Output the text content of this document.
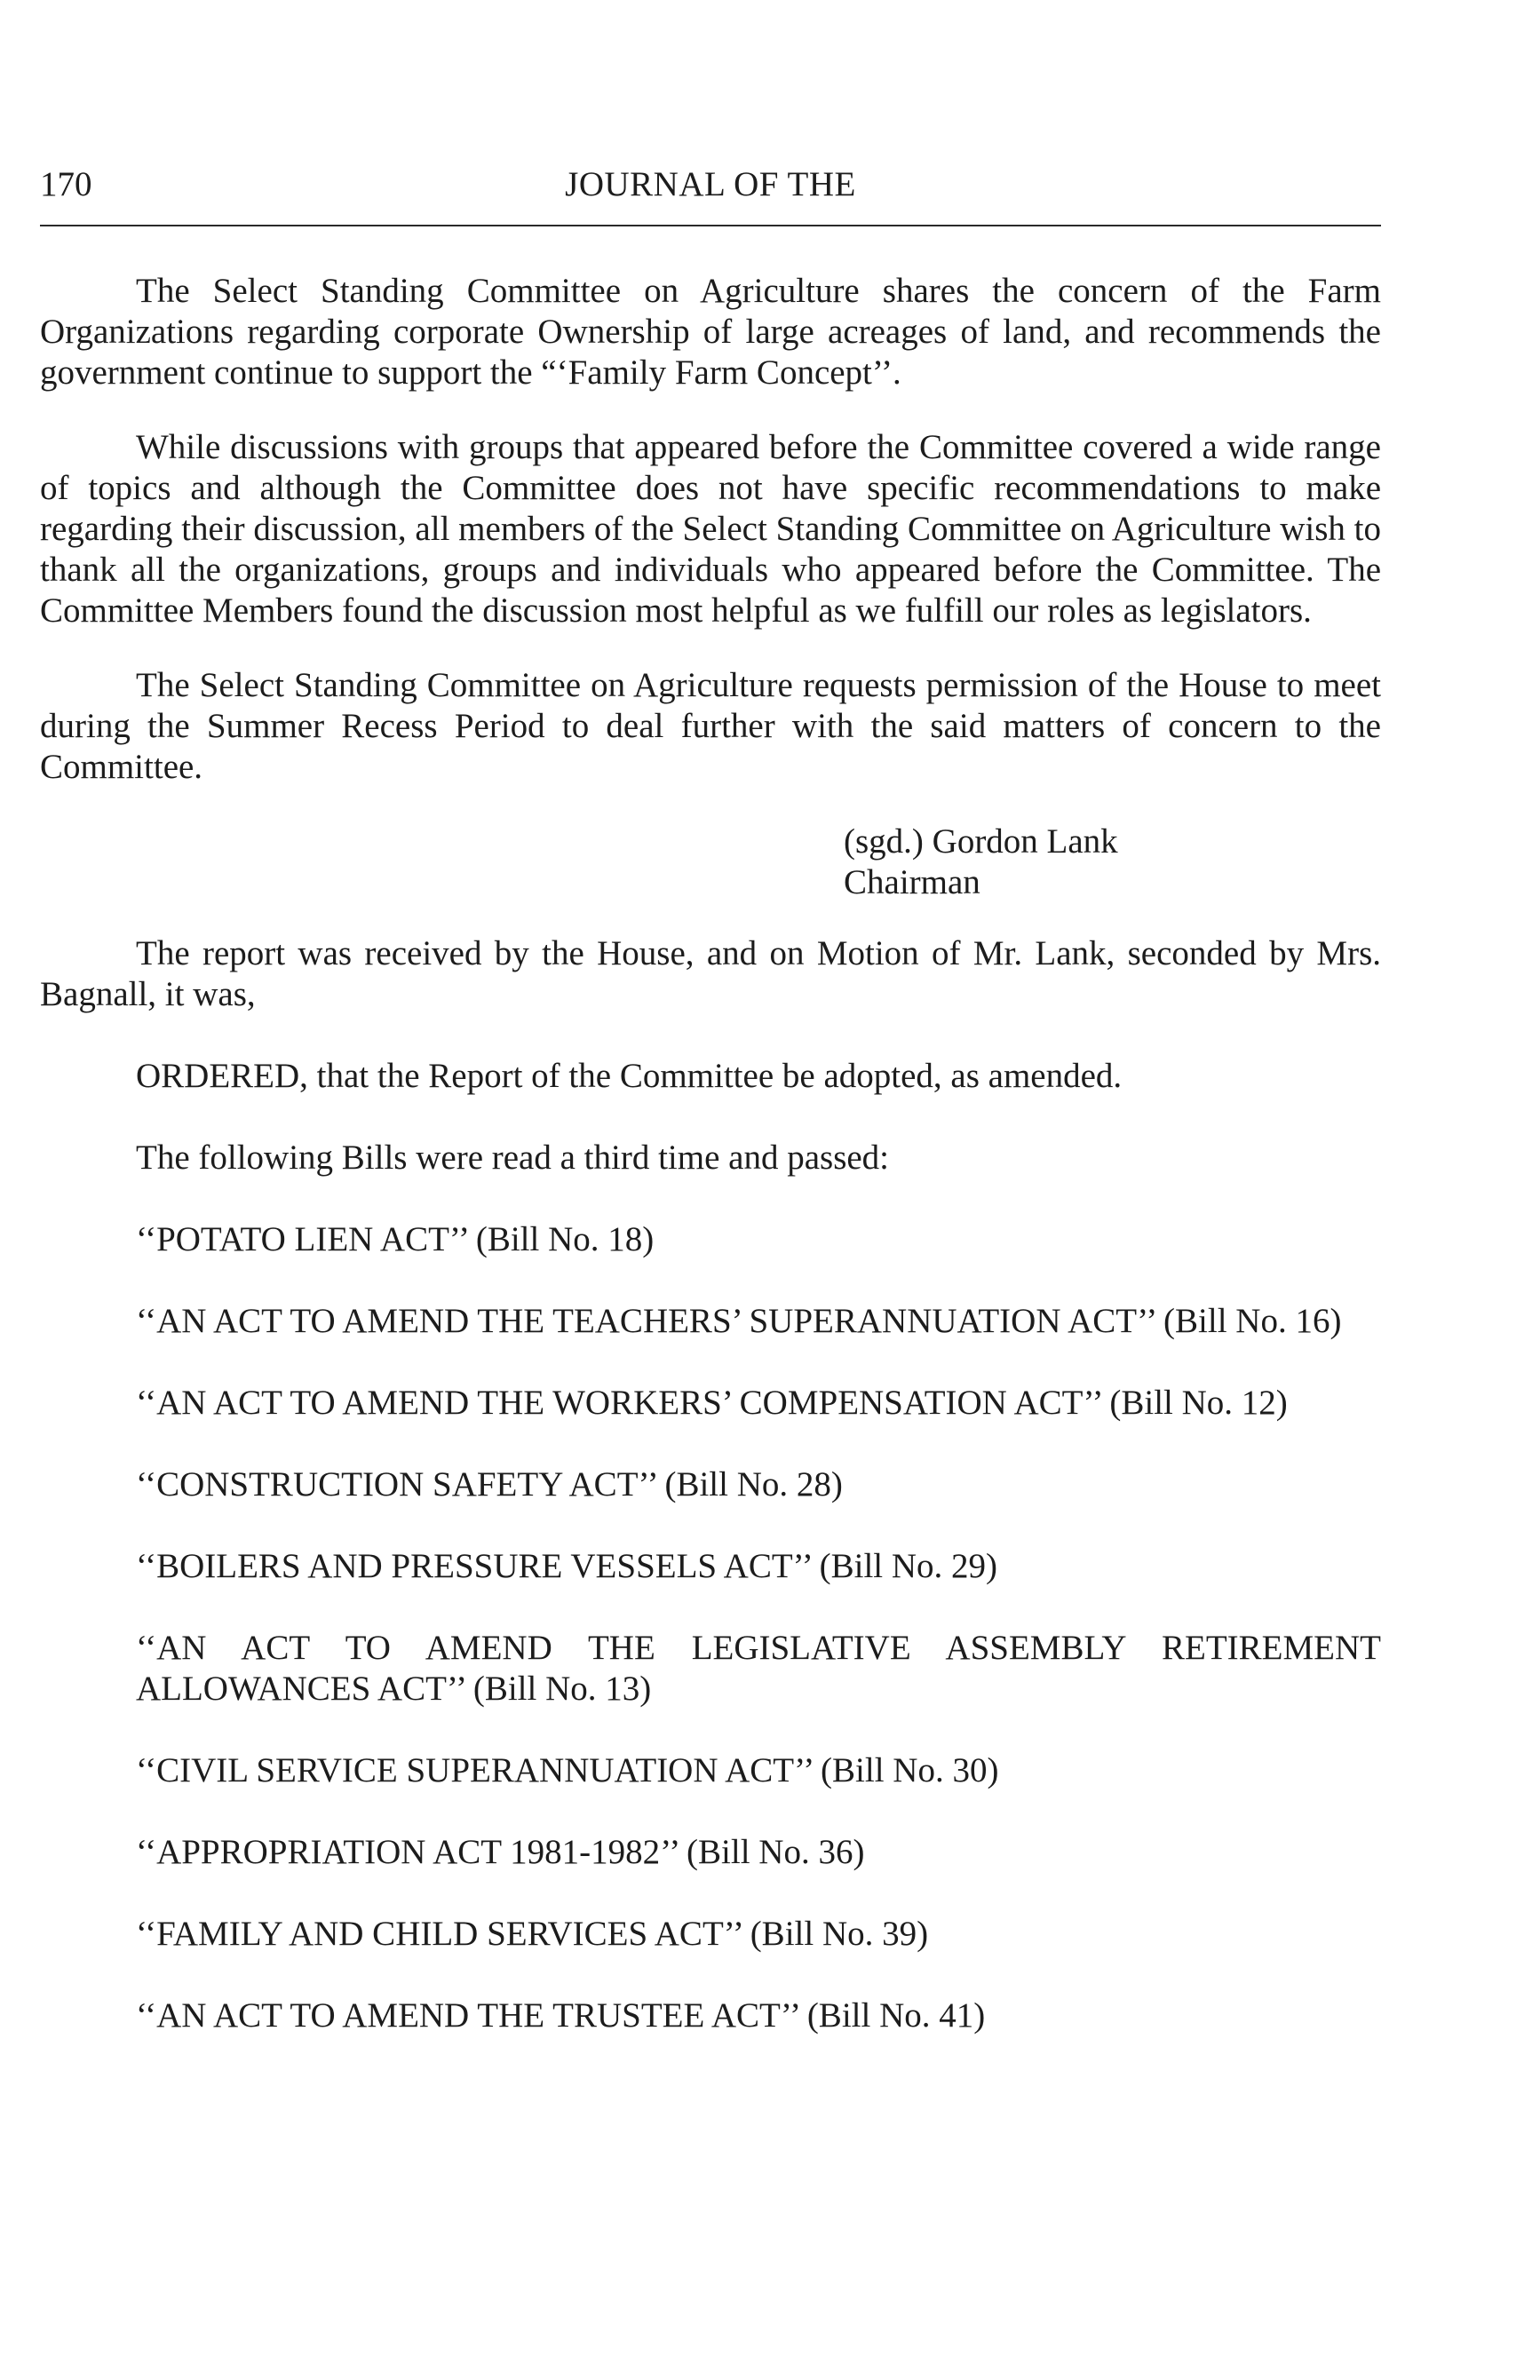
170	JOURNAL OF THE

The Select Standing Committee on Agriculture shares the concern of the Farm Organizations regarding corporate Ownership of large acreages of land, and recommends the government continue to support the “‘Family Farm Concept’’.

While discussions with groups that appeared before the Committee covered a wide range of topics and although the Committee does not have specific recommendations to make regarding their discussion, all members of the Select Standing Committee on Agriculture wish to thank all the organizations, groups and individuals who appeared before the Committee. The Committee Members found the discussion most helpful as we fulfill our roles as legislators.

The Select Standing Committee on Agriculture requests permission of the House to meet during the Summer Recess Period to deal further with the said matters of concern to the Committee.

(sgd.) Gordon Lank
Chairman

The report was received by the House, and on Motion of Mr. Lank, seconded by Mrs. Bagnall, it was,

ORDERED, that the Report of the Committee be adopted, as amended.

The following Bills were read a third time and passed:

‘‘POTATO LIEN ACT’’ (Bill No. 18)

‘‘AN ACT TO AMEND THE TEACHERS’ SUPERANNUATION ACT’’ (Bill No. 16)

‘‘AN ACT TO AMEND THE WORKERS’ COMPENSATION ACT’’ (Bill No. 12)

‘‘CONSTRUCTION SAFETY ACT’’ (Bill No. 28)

‘‘BOILERS AND PRESSURE VESSELS ACT’’ (Bill No. 29)

‘‘AN ACT TO AMEND THE LEGISLATIVE ASSEMBLY RETIREMENT ALLOWANCES ACT’’ (Bill No. 13)

‘‘CIVIL SERVICE SUPERANNUATION ACT’’ (Bill No. 30)

‘‘APPROPRIATION ACT 1981-1982’’ (Bill No. 36)

‘‘FAMILY AND CHILD SERVICES ACT’’ (Bill No. 39)

‘‘AN ACT TO AMEND THE TRUSTEE ACT’’ (Bill No. 41)
